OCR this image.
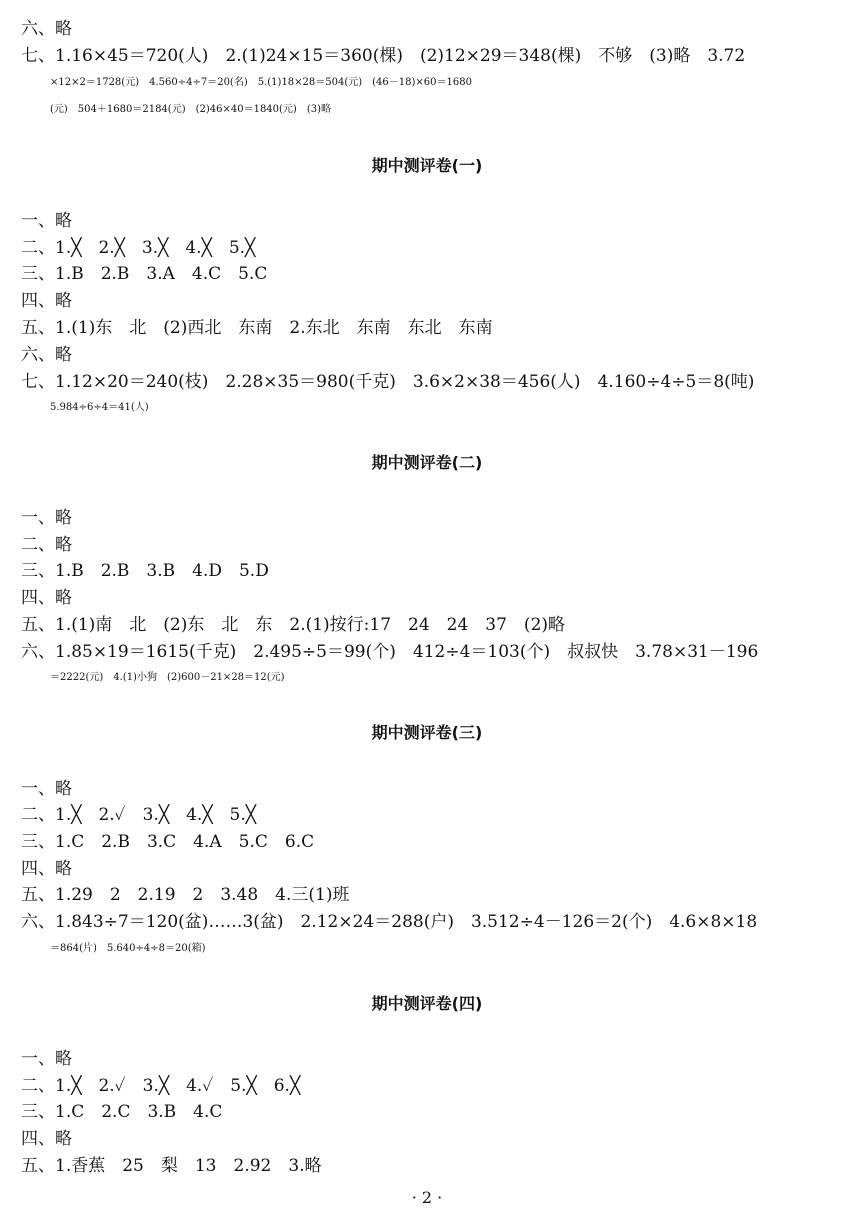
六、略
七、1.16×45＝720(人)　2.(1)24×15＝360(棵)　(2)12×29＝348(棵)　不够　(3)略　3.72
×12×2＝1728(元)　4.560÷4÷7＝20(名)　5.(1)18×28＝504(元)　(46－18)×60＝1680
(元)　504＋1680＝2184(元)　(2)46×40＝1840(元)　(3)略
期中测评卷(一)
一、略
二、1.╳　2.╳　3.╳　4.╳　5.╳
三、1.B　2.B　3.A　4.C　5.C
四、略
五、1.(1)东　北　(2)西北　东南　2.东北　东南　东北　东南
六、略
七、1.12×20＝240(枝)　2.28×35＝980(千克)　3.6×2×38＝456(人)　4.160÷4÷5＝8(吨)
5.984÷6÷4＝41(人)
期中测评卷(二)
一、略
二、略
三、1.B　2.B　3.B　4.D　5.D
四、略
五、1.(1)南　北　(2)东　北　东　2.(1)按行:17　24　24　37　(2)略
六、1.85×19＝1615(千克)　2.495÷5＝99(个)　412÷4＝103(个)　叔叔快　3.78×31－196
＝2222(元)　4.(1)小狗　(2)600－21×28＝12(元)
期中测评卷(三)
一、略
二、1.╳　2.✓　3.╳　4.╳　5.╳
三、1.C　2.B　3.C　4.A　5.C　6.C
四、略
五、1.29　2　2.19　2　3.48　4.三(1)班
六、1.843÷7＝120(盆)……3(盆)　2.12×24＝288(户)　3.512÷4－126＝2(个)　4.6×8×18
＝864(片)　5.640÷4÷8＝20(箱)
期中测评卷(四)
一、略
二、1.╳　2.✓　3.╳　4.✓　5.╳　6.╳
三、1.C　2.C　3.B　4.C
四、略
五、1.香蕉　25　梨　13　2.92　3.略
· 2 ·
